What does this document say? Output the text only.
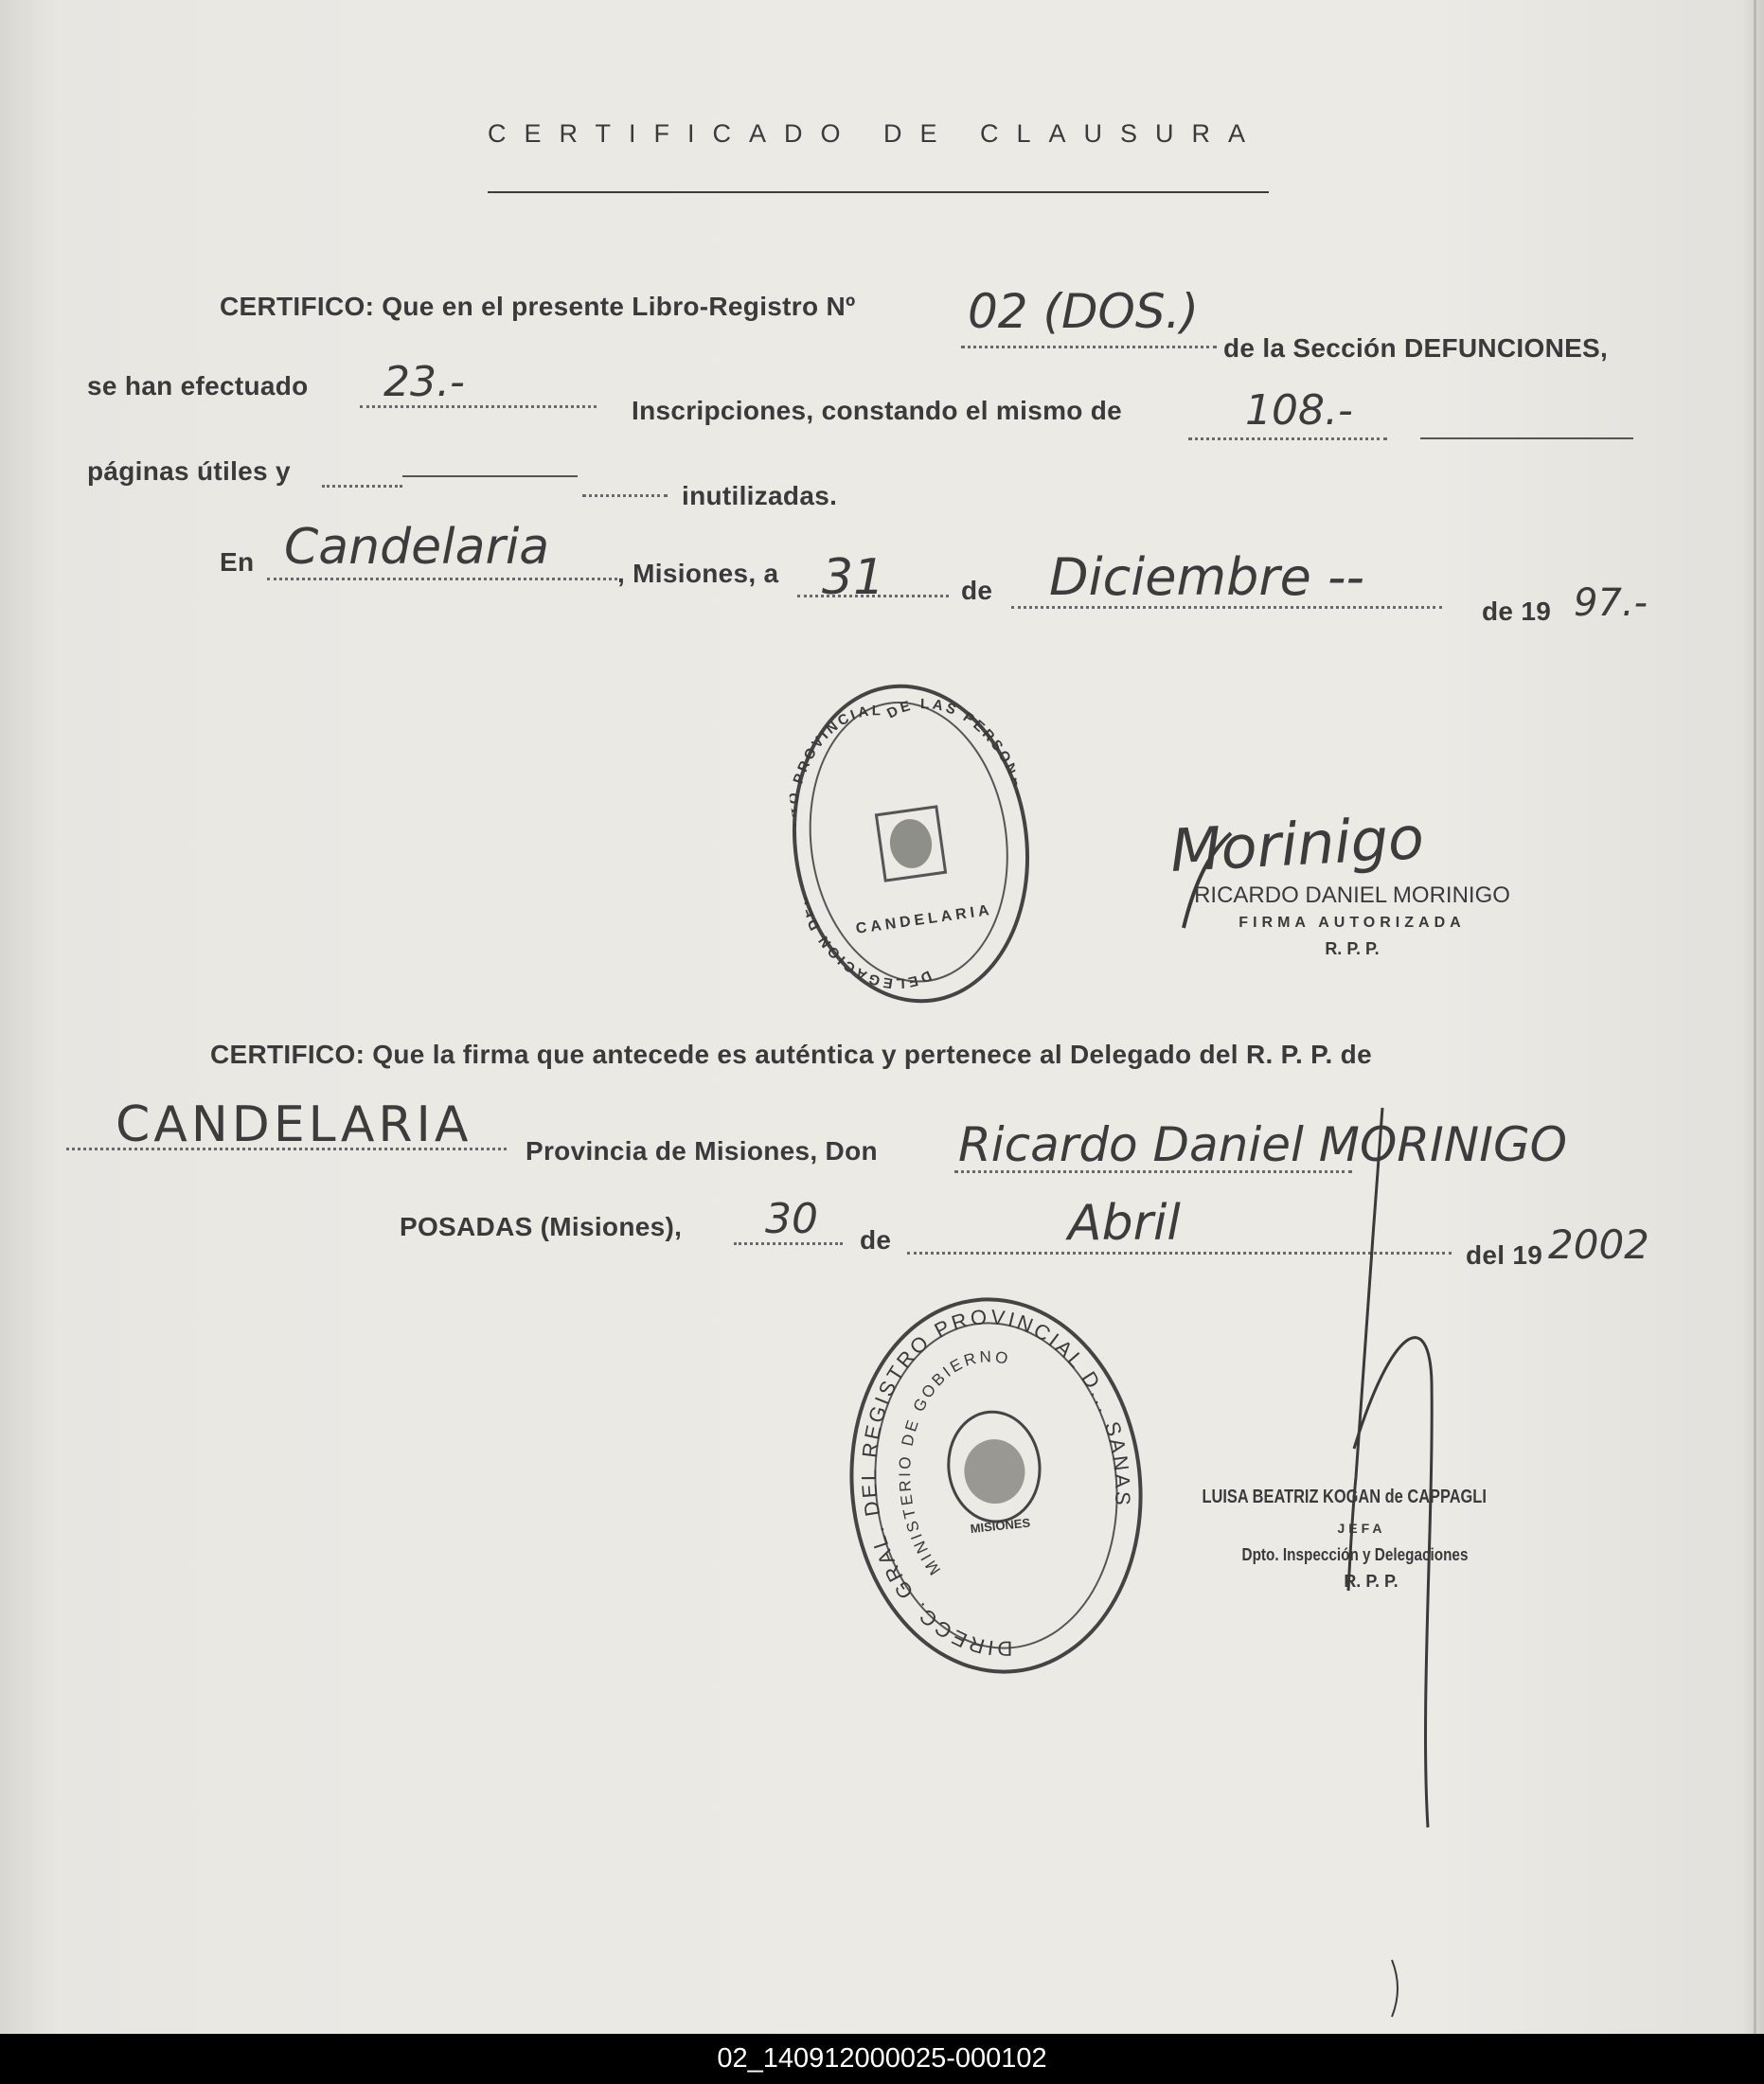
CERTIFICADO DE CLAUSURA
CERTIFICO: Que en el presente Libro-Registro Nº 02 (DOS.)
de la Sección DEFUNCIONES,
se han efectuado 23.-
Inscripciones, constando el mismo de	108.-
páginas útiles y
inutilizadas.
En Candelaria	, Misiones, a 31	de Diciembre --
de 19 97.-
DELEGACION DEL REGISTRO PROVINCIAL DE LAS PERSONAS
CANDELARIA
Morinigo
RICARDO DANIEL MORINIGO
FIRMA AUTORIZADA
R. P. P.
CERTIFICO: Que la firma que antecede es auténtica y pertenece al Delegado del R. P. P. de
CANDELARIA Provincia de Misiones, Don Ricardo Daniel MORINIGO
POSADAS (Misiones), 30 de	Abril
del 19 2002
DIRECC. GRAL. DEL REGISTRO PROVINCIAL D... SANAS
MINISTERIO DE GOBIERNO
MISIONES
LUISA BEATRIZ KOGAN de CAPPAGLI
JEFA
Dpto. Inspección y Delegaciones
R. P. P.
02_140912000025-000102
